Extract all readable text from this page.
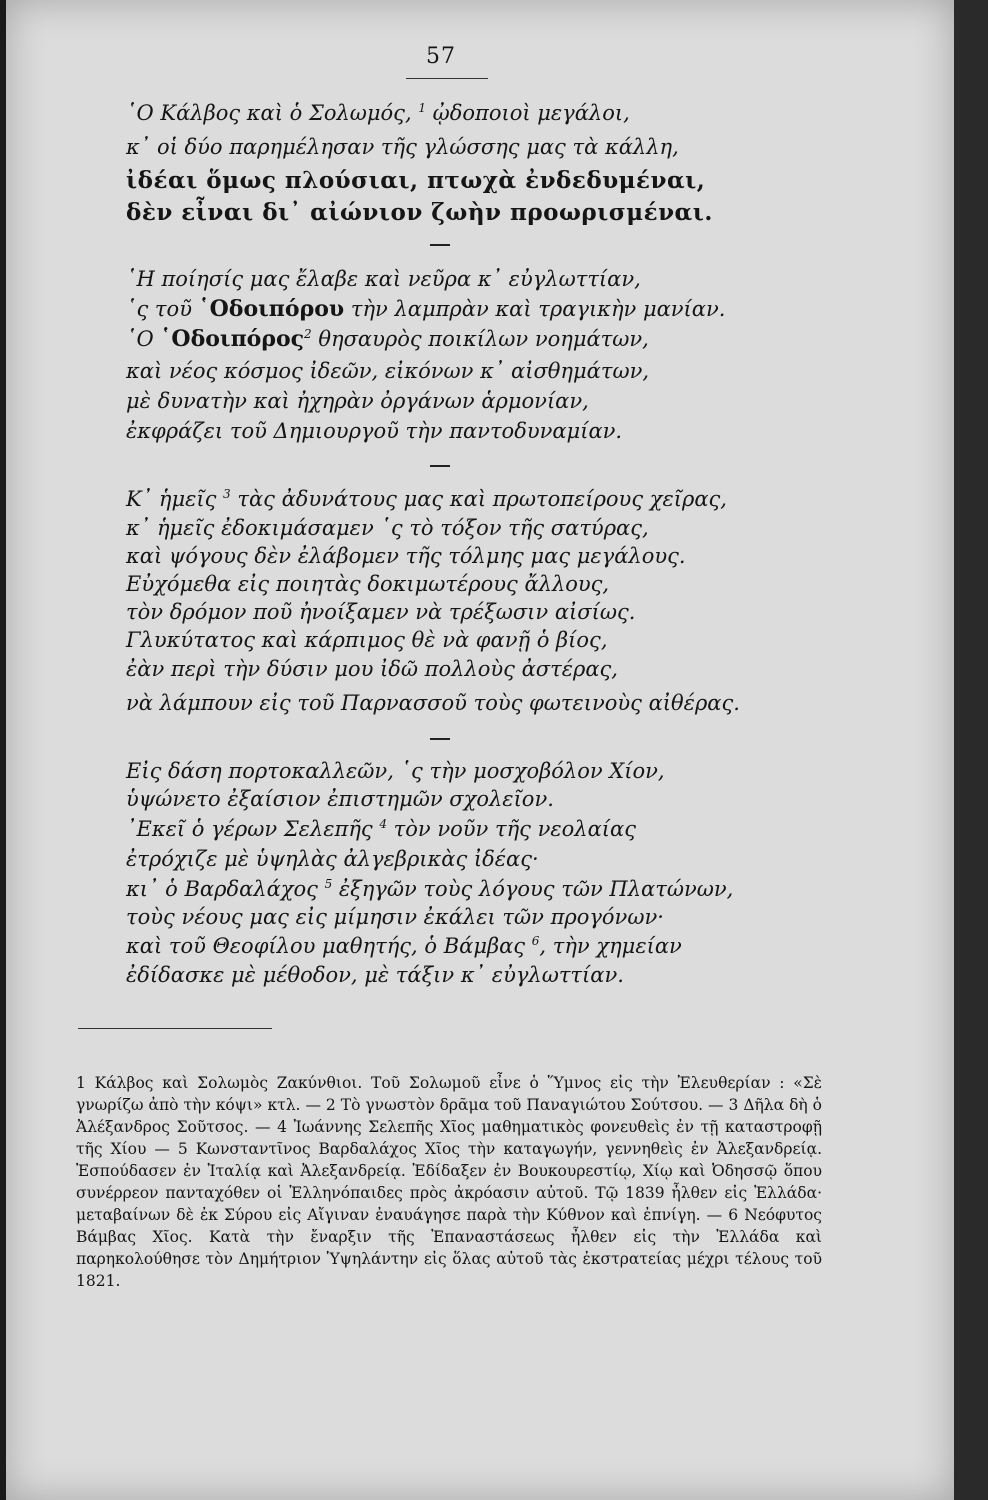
57
῾Ο Κάλβος καὶ ὁ Σολωμός, $^1$ ᾠδοποιοὶ μεγάλοι,
κ᾿ οἱ δύο παρημέλησαν τῆς γλώσσης μας τὰ κάλλη,
ἰδέαι ὅμως πλούσιαι, πτωχὰ ἐνδεδυμέναι,
δὲν εἶναι δι᾿ αἰώνιον ζωὴν προωρισμέναι.
῾Η ποίησίς μας ἔλαβε καὶ νεῦρα κ᾿ εὐγλωττίαν,
῾ς τοῦ ῾Οδοιπόρου τὴν λαμπρὰν καὶ τραγικὴν μανίαν.
῾Ο ῾Οδοιπόρος$^2$ θησαυρὸς ποικίλων νοημάτων,
καὶ νέος κόσμος ἰδεῶν, εἰκόνων κ᾿ αἰσθημάτων,
μὲ δυνατὴν καὶ ἠχηρὰν ὀργάνων ἁρμονίαν,
ἐκφράζει τοῦ Δημιουργοῦ τὴν παντοδυναμίαν.
Κ᾿ ἡμεῖς $^3$ τὰς ἀδυνάτους μας καὶ πρωτοπείρους χεῖρας,
κ᾿ ἡμεῖς ἐδοκιμάσαμεν ῾ς τὸ τόξον τῆς σατύρας,
καὶ ψόγους δὲν ἐλάβομεν τῆς τόλμης μας μεγάλους.
Εὐχόμεθα εἰς ποιητὰς δοκιμωτέρους ἄλλους,
τὸν δρόμον ποῦ ἠνοίξαμεν νὰ τρέξωσιν αἰσίως.
Γλυκύτατος καὶ κάρπιμος θὲ νὰ φανῇ ὁ βίος,
ἐὰν περὶ τὴν δύσιν μου ἰδῶ πολλοὺς ἀστέρας,
νὰ λάμπουν εἰς τοῦ Παρνασσοῦ τοὺς φωτεινοὺς αἰθέρας.
Εἰς δάση πορτοκαλλεῶν, ῾ς τὴν μοσχοβόλον Χίον,
ὑψώνετο ἐξαίσιον ἐπιστημῶν σχολεῖον.
᾿Εκεῖ ὁ γέρων Σελεπῆς $^4$ τὸν νοῦν τῆς νεολαίας
ἐτρόχιζε μὲ ὑψηλὰς ἀλγεβρικὰς ἰδέας·
κι᾿ ὁ Βαρδαλάχος $^5$ ἐξηγῶν τοὺς λόγους τῶν Πλατώνων,
τοὺς νέους μας εἰς μίμησιν ἐκάλει τῶν προγόνων·
καὶ τοῦ Θεοφίλου μαθητής, ὁ Βάμβας $^6$, τὴν χημείαν
ἐδίδασκε μὲ μέθοδον, μὲ τάξιν κ᾿ εὐγλωττίαν.
1 Κάλβος καὶ Σολωμὸς Ζακύνθιοι. Τοῦ Σολωμοῦ εἶνε ὁ Ὕμνος εἰς τὴν Ἐλευθερίαν : «Σὲ γνωρίζω ἀπὸ τὴν κόψι» κτλ. — 2 Τὸ γνωστὸν δρᾶμα τοῦ Παναγιώτου Σούτσου. — 3 Δῆλα δὴ ὁ Ἀλέξανδρος Σοῦτσος. — 4 Ἰωάννης Σελεπῆς Χῖος μαθηματικὸς φονευθεὶς ἐν τῇ καταστροφῇ τῆς Χίου — 5 Κωνσταντῖνος Βαρδαλάχος Χῖος τὴν καταγωγήν, γεννηθεὶς ἐν Ἀλεξανδρείᾳ. Ἐσπούδασεν ἐν Ἰταλίᾳ καὶ Ἀλεξανδρείᾳ. Ἐδίδαξεν ἐν Βουκουρεστίῳ, Χίῳ καὶ Ὀδησσῷ ὅπου συνέρρεον πανταχόθεν οἱ Ἑλληνόπαιδες πρὸς ἀκρόασιν αὐτοῦ. Τῷ 1839 ἦλθεν εἰς Ἑλλάδα· μεταβαίνων δὲ ἐκ Σύρου εἰς Αἴγιναν ἐναυάγησε παρὰ τὴν Κύθνον καὶ ἐπνίγη. — 6 Νεόφυτος Βάμβας Χῖος. Κατὰ τὴν ἔναρξιν τῆς Ἐπαναστάσεως ἦλθεν εἰς τὴν Ἑλλάδα καὶ παρηκολούθησε τὸν Δημήτριον Ὑψηλάντην εἰς ὅλας αὐτοῦ τὰς ἐκστρατείας μέχρι τέλους τοῦ 1821.
